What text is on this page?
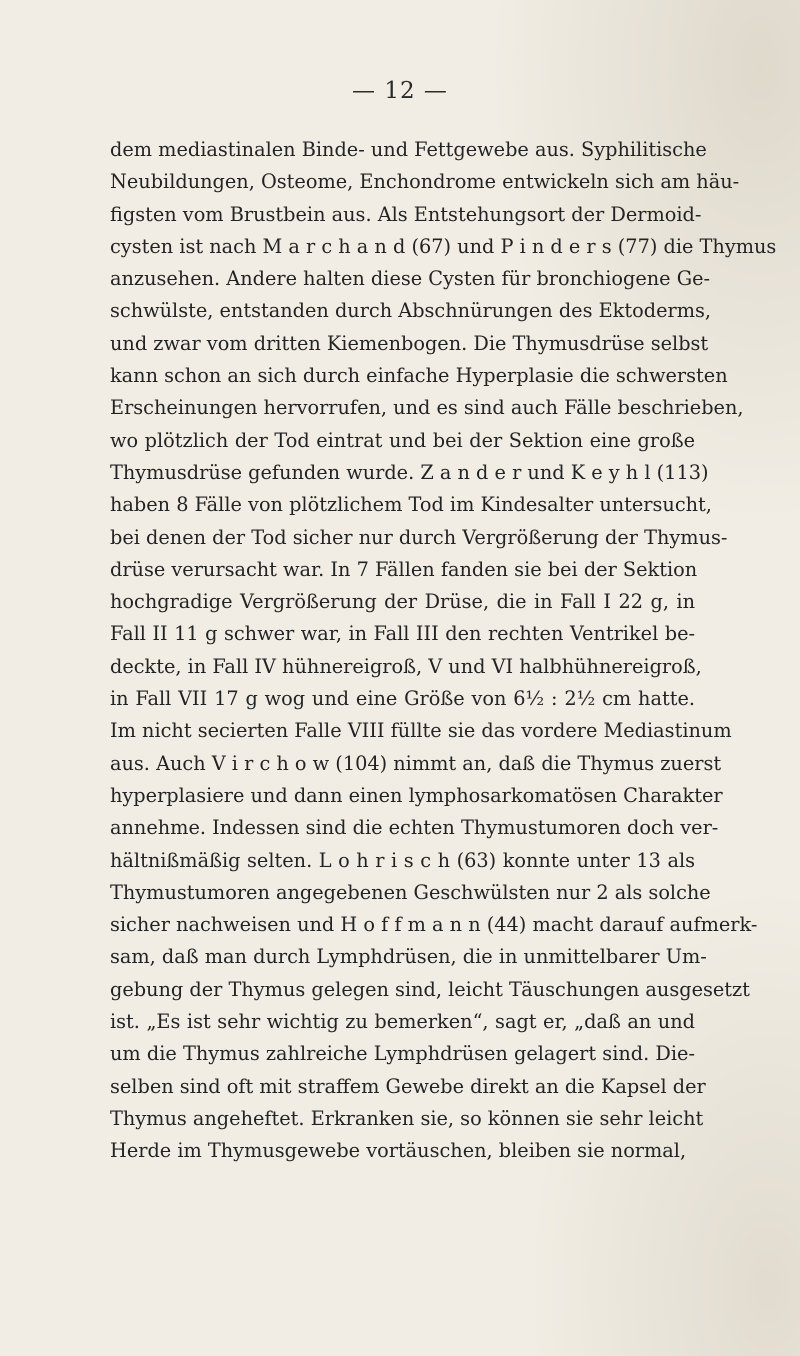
— 12 —
dem mediastinalen Binde- und Fettgewebe aus. Syphilitische
Neubildungen, Osteome, Enchondrome entwickeln sich am häu-
figsten vom Brustbein aus. Als Entstehungsort der Dermoid-
cysten ist nach M a r c h a n d (67) und P i n d e r s (77) die Thymus
anzusehen. Andere halten diese Cysten für bronchiogene Ge-
schwülste, entstanden durch Abschnürungen des Ektoderms,
und zwar vom dritten Kiemenbogen. Die Thymusdrüse selbst
kann schon an sich durch einfache Hyperplasie die schwersten
Erscheinungen hervorrufen, und es sind auch Fälle beschrieben,
wo plötzlich der Tod eintrat und bei der Sektion eine große
Thymusdrüse gefunden wurde. Z a n d e r und K e y h l (113)
haben 8 Fälle von plötzlichem Tod im Kindesalter untersucht,
bei denen der Tod sicher nur durch Vergrößerung der Thymus-
drüse verursacht war. In 7 Fällen fanden sie bei der Sektion
hochgradige Vergrößerung der Drüse, die in Fall I 22 g, in
Fall II 11 g schwer war, in Fall III den rechten Ventrikel be-
deckte, in Fall IV hühnereigroß, V und VI halbhühnereigroß,
in Fall VII 17 g wog und eine Größe von 6½ : 2½ cm hatte.
Im nicht secierten Falle VIII füllte sie das vordere Mediastinum
aus. Auch V i r c h o w (104) nimmt an, daß die Thymus zuerst
hyperplasiere und dann einen lymphosarkomatösen Charakter
annehme. Indessen sind die echten Thymustumoren doch ver-
hältnißmäßig selten. L o h r i s c h (63) konnte unter 13 als
Thymustumoren angegebenen Geschwülsten nur 2 als solche
sicher nachweisen und H o f f m a n n (44) macht darauf aufmerk-
sam, daß man durch Lymphdrüsen, die in unmittelbarer Um-
gebung der Thymus gelegen sind, leicht Täuschungen ausgesetzt
ist. „Es ist sehr wichtig zu bemerken“, sagt er, „daß an und
um die Thymus zahlreiche Lymphdrüsen gelagert sind. Die-
selben sind oft mit straffem Gewebe direkt an die Kapsel der
Thymus angeheftet. Erkranken sie, so können sie sehr leicht
Herde im Thymusgewebe vortäuschen, bleiben sie normal,
